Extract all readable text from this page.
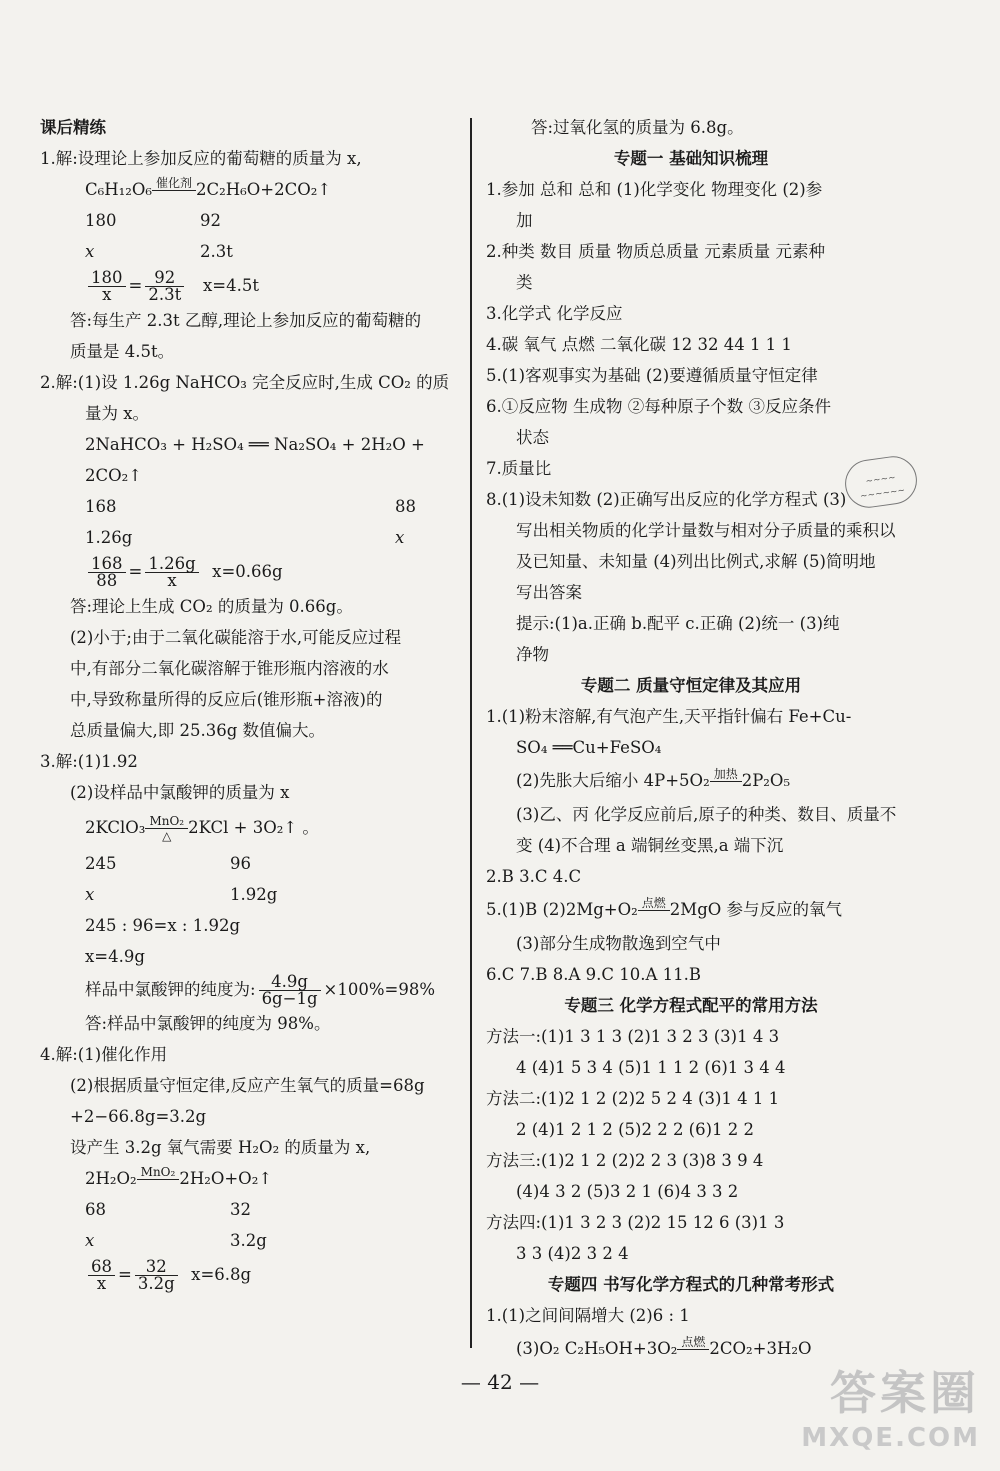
课后精练
1.解:设理论上参加反应的葡萄糖的质量为 x,
C₆H₁₂O₆ 催化剂
2C₂H₆O+2CO₂↑
180	92
x	2.3t
$\frac{180}{x} = \frac{92}{2.3t} x=4.5t$
答:每生产 2.3t 乙醇,理论上参加反应的葡萄糖的
质量是 4.5t。
2.解:(1)设 1.26g NaHCO₃ 完全反应时,生成 CO₂ 的质
量为 x。
2NaHCO₃ + H₂SO₄ ══ Na₂SO₄ + 2H₂O +
2CO₂↑
168	88
1.26g	x
$\frac{168}{88} = \frac{1.26g}{x} x=0.66g$
答:理论上生成 CO₂ 的质量为 0.66g。
(2)小于;由于二氧化碳能溶于水,可能反应过程
中,有部分二氧化碳溶解于锥形瓶内溶液的水
中,导致称量所得的反应后(锥形瓶+溶液)的
总质量偏大,即 25.36g 数值偏大。
3.解:(1)1.92
(2)设样品中氯酸钾的质量为 x
2KClO₃ MnO₂
△	2KCl + 3O₂↑ 。
245	96
x	1.92g
245 : 96=x : 1.92g
x=4.9g
样品中氯酸钾的纯度为: $\frac{4.9g}{6g-1g} \times 100\%=98\%$
答:样品中氯酸钾的纯度为 98%。
4.解:(1)催化作用
(2)根据质量守恒定律,反应产生氧气的质量=68g
+2−66.8g=3.2g
设产生 3.2g 氧气需要 H₂O₂ 的质量为 x,
2H₂O₂ MnO₂
2H₂O+O₂↑
68	32
x	3.2g
$\frac{68}{x} = \frac{32}{3.2g} x=6.8g$
答:过氧化氢的质量为 6.8g。
专题一 基础知识梳理
1.参加 总和 总和 (1)化学变化 物理变化 (2)参
加
2.种类 数目 质量 物质总质量 元素质量 元素种
类
3.化学式 化学反应
4.碳 氧气 点燃 二氧化碳 12 32 44 1 1 1
5.(1)客观事实为基础 (2)要遵循质量守恒定律
6.①反应物 生成物 ②每种原子个数 ③反应条件
状态
7.质量比
8.(1)设未知数 (2)正确写出反应的化学方程式 (3)
写出相关物质的化学计量数与相对分子质量的乘积以
及已知量、未知量 (4)列出比例式,求解 (5)简明地
写出答案
提示:(1)a.正确 b.配平 c.正确 (2)统一 (3)纯
净物
专题二 质量守恒定律及其应用
1.(1)粉末溶解,有气泡产生,天平指针偏右 Fe+Cu-
SO₄ ══Cu+FeSO₄
(2)先胀大后缩小 4P+5O₂ 加热
2P₂O₅
(3)乙、丙 化学反应前后,原子的种类、数目、质量不
变 (4)不合理 a 端铜丝变黑,a 端下沉
2.B 3.C 4.C
5.(1)B (2)2Mg+O₂ 点燃
2MgO 参与反应的氧气
(3)部分生成物散逸到空气中
6.C 7.B 8.A 9.C 10.A 11.B
专题三 化学方程式配平的常用方法
方法一:(1)1 3 1 3 (2)1 3 2 3 (3)1 4 3
4 (4)1 5 3 4 (5)1 1 1 2 (6)1 3 4 4
方法二:(1)2 1 2 (2)2 5 2 4 (3)1 4 1 1
2 (4)1 2 1 2 (5)2 2 2 (6)1 2 2
方法三:(1)2 1 2 (2)2 2 3 (3)8 3 9 4
(4)4 3 2 (5)3 2 1 (6)4 3 3 2
方法四:(1)1 3 2 3 (2)2 15 12 6 (3)1 3
3 3 (4)2 3 2 4
专题四 书写化学方程式的几种常考形式
1.(1)之间间隔增大 (2)6 : 1
(3)O₂ C₂H₅OH+3O₂ 点燃
2CO₂+3H₂O

~~~~
~~~~~~
— 42 —	答案圈
MXQE.COM
